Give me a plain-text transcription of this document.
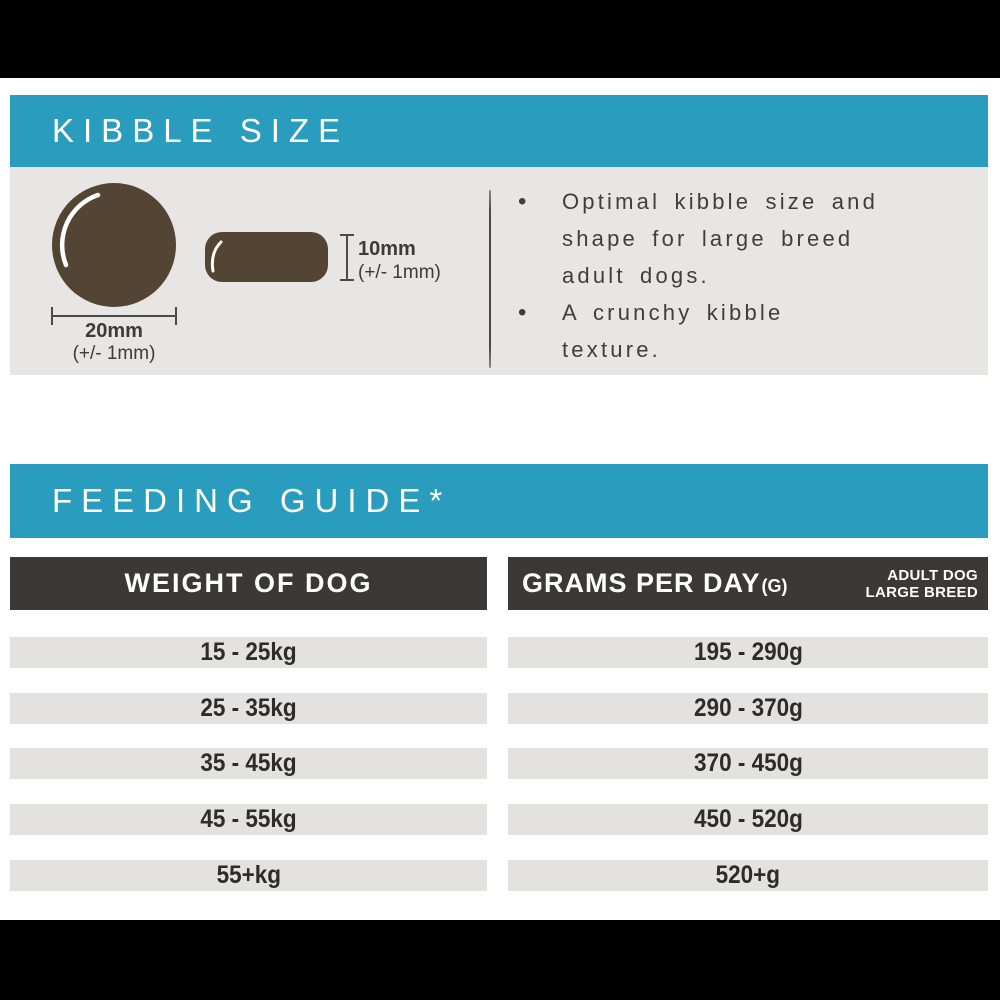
KIBBLE SIZE
20mm
(+/- 1mm)
10mm
(+/- 1mm)
• Optimal kibble size and
shape for large breed
adult dogs.
• A crunchy kibble
texture.
FEEDING GUIDE*
WEIGHT OF DOG	GRAMS PER DAY (G)
ADULT DOG
LARGE BREED
15 - 25kg	195 - 290g
25 - 35kg	290 - 370g
35 - 45kg	370 - 450g
45 - 55kg	450 - 520g
55+kg	520+g
